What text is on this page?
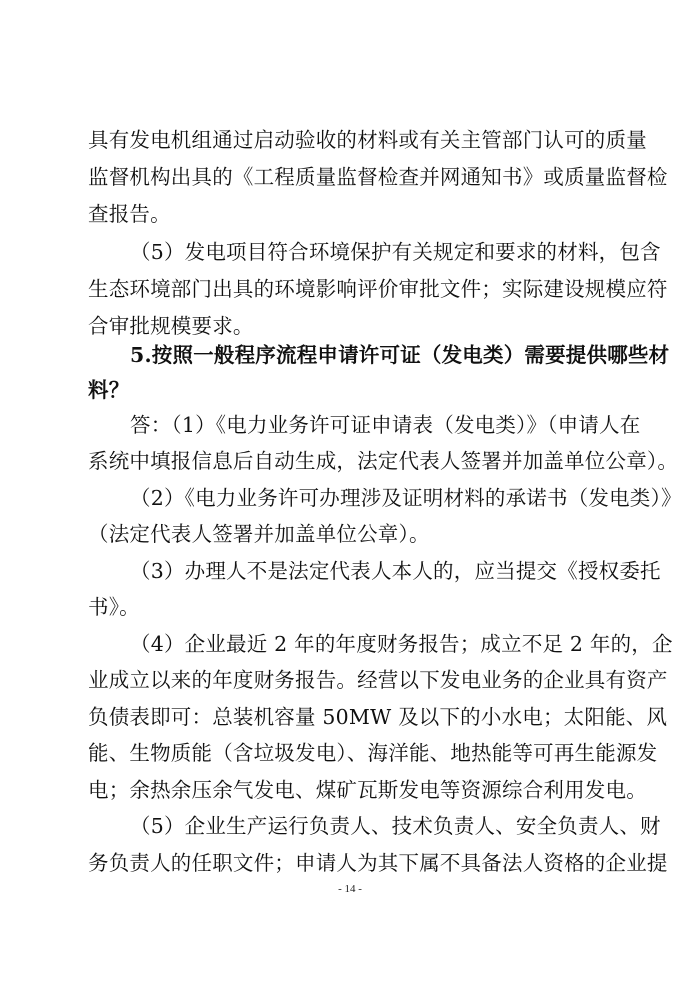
具有发电机组通过启动验收的材料或有关主管部门认可的质量
监督机构出具的《工程质量监督检查并网通知书》或质量监督检
查报告。
（5）发电项目符合环境保护有关规定和要求的材料，包含
生态环境部门出具的环境影响评价审批文件；实际建设规模应符
合审批规模要求。
5.按照一般程序流程申请许可证（发电类）需要提供哪些材
料？
答：（1）《电力业务许可证申请表（发电类）》（申请人在
系统中填报信息后自动生成，法定代表人签署并加盖单位公章）。
（2）《电力业务许可办理涉及证明材料的承诺书（发电类）》
（法定代表人签署并加盖单位公章）。
（3）办理人不是法定代表人本人的，应当提交《授权委托
书》。
（4）企业最近 2 年的年度财务报告；成立不足 2 年的，企
业成立以来的年度财务报告。经营以下发电业务的企业具有资产
负债表即可：总装机容量 50MW 及以下的小水电；太阳能、风
能、生物质能（含垃圾发电）、海洋能、地热能等可再生能源发
电；余热余压余气发电、煤矿瓦斯发电等资源综合利用发电。
（5）企业生产运行负责人、技术负责人、安全负责人、财
务负责人的任职文件；申请人为其下属不具备法人资格的企业提
- 14 -
